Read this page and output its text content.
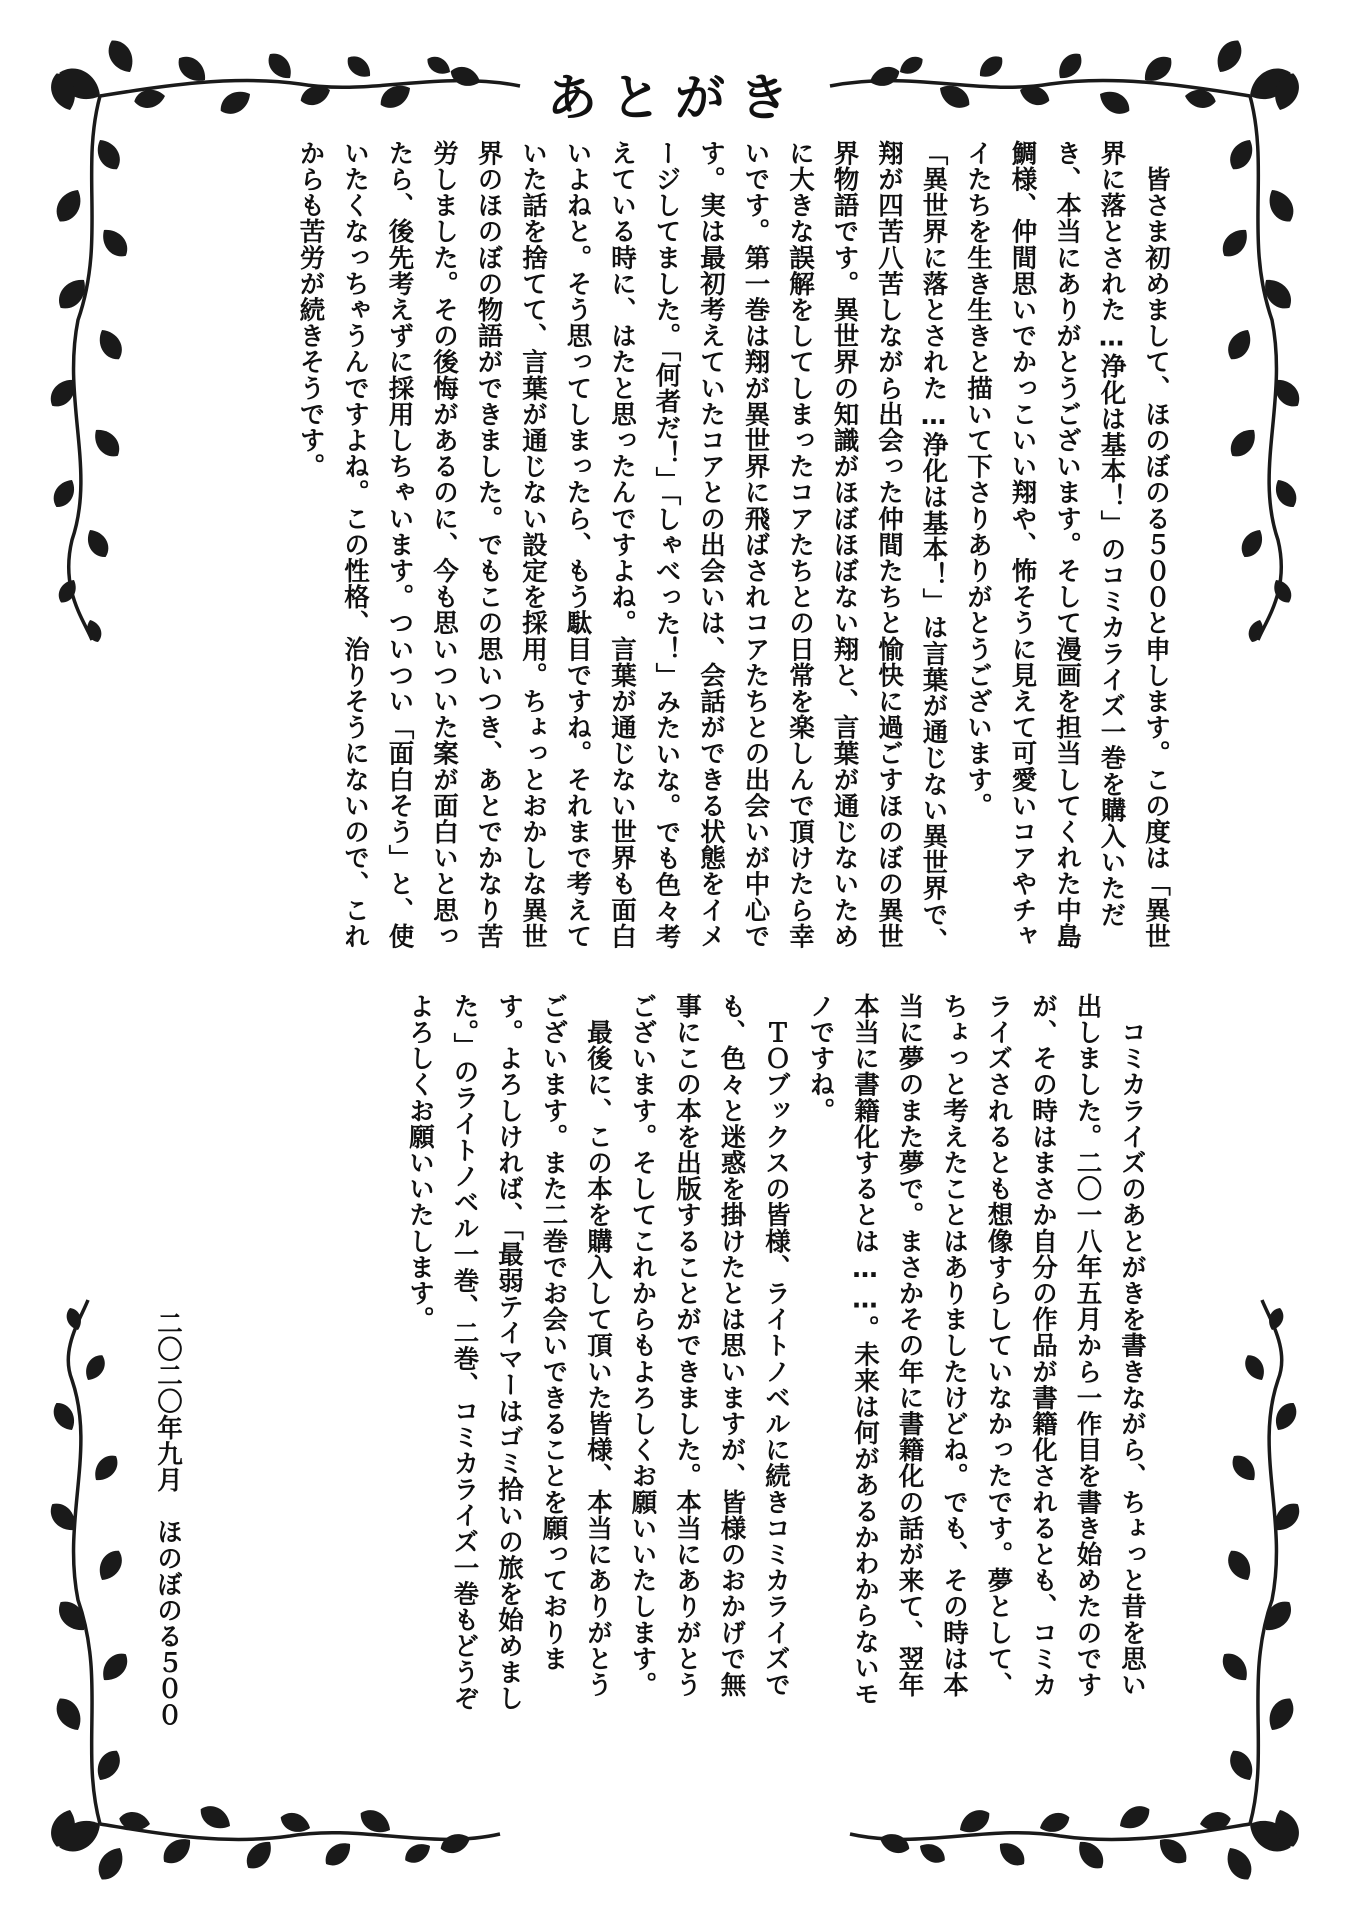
あとがき

　皆さま初めまして、ほのぼのる５００と申します。この度は「異世界に落とされた…浄化は基本！」のコミカライズ一巻を購入いただき、本当にありがとうございます。そして漫画を担当してくれた中島鯛様、仲間思いでかっこいい翔や、怖そうに見えて可愛いコアやチャイたちを生き生きと描いて下さりありがとうございます。

「異世界に落とされた…浄化は基本！」は言葉が通じない異世界で、翔が四苦八苦しながら出会った仲間たちと愉快に過ごすほのぼの異世界物語です。異世界の知識がほぼほぼない翔と、言葉が通じないために大きな誤解をしてしまったコアたちとの日常を楽しんで頂けたら幸いです。第一巻は翔が異世界に飛ばされコアたちとの出会いが中心です。実は最初考えていたコアとの出会いは、会話ができる状態をイメージしてました。「何者だ！」「しゃべった！」みたいな。でも色々考えている時に、はたと思ったんですよね。言葉が通じない世界も面白いよねと。そう思ってしまったら、もう駄目ですね。それまで考えていた話を捨てて、言葉が通じない設定を採用。ちょっとおかしな異世界のほのぼの物語ができました。でもこの思いつき、あとでかなり苦労しました。その後悔があるのに、今も思いついた案が面白いと思ったら、後先考えずに採用しちゃいます。ついつい「面白そう」と、使いたくなっちゃうんですよね。この性格、治りそうにないので、これからも苦労が続きそうです。

　コミカライズのあとがきを書きながら、ちょっと昔を思い出しました。二〇一八年五月から一作目を書き始めたのですが、その時はまさか自分の作品が書籍化されるとも、コミカライズされるとも想像すらしていなかったです。夢として、ちょっと考えたことはありましたけどね。でも、その時は本当に夢のまた夢で。まさかその年に書籍化の話が来て、翌年本当に書籍化するとは……。未来は何があるかわからないモノですね。

　ＴＯブックスの皆様、ライトノベルに続きコミカライズでも、色々と迷惑を掛けたとは思いますが、皆様のおかげで無事にこの本を出版することができました。本当にありがとうございます。そしてこれからもよろしくお願いいたします。

　最後に、この本を購入して頂いた皆様、本当にありがとうございます。また二巻でお会いできることを願っております。よろしければ、「最弱テイマーはゴミ拾いの旅を始めました。」のライトノベル一巻、二巻、コミカライズ一巻もどうぞよろしくお願いいたします。

二〇二〇年九月　ほのぼのる５００
